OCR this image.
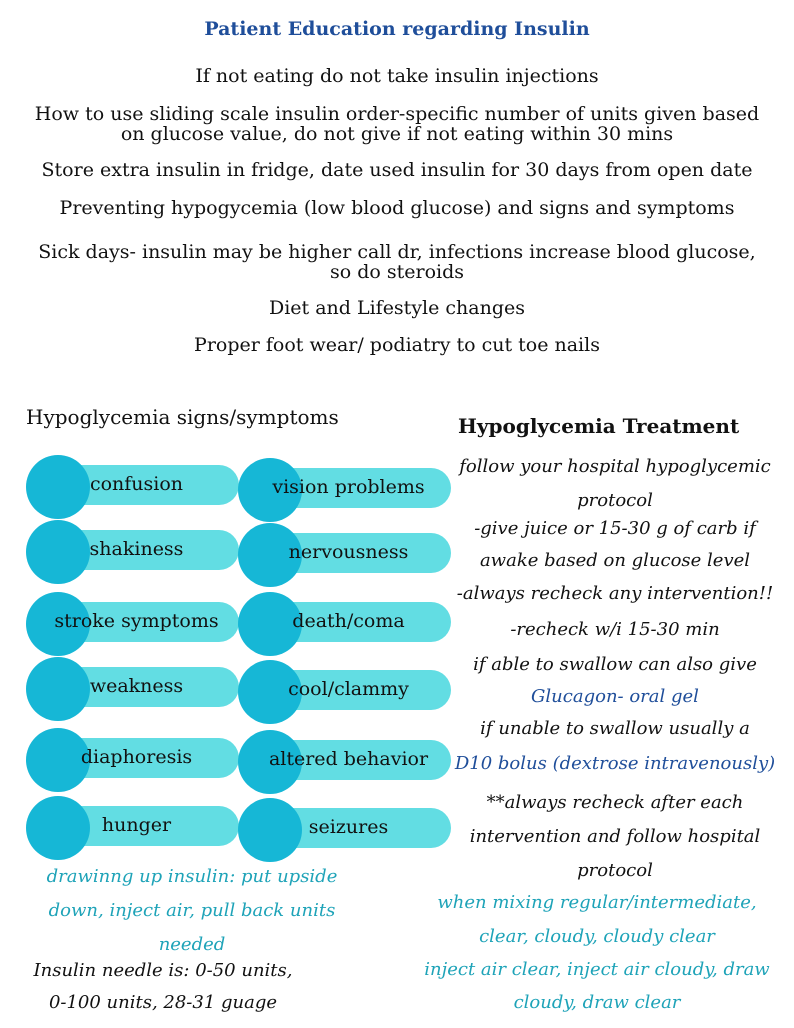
Patient Education regarding Insulin
If not eating do not take insulin injections
How to use sliding scale insulin order-specific number of units given based
on glucose value, do not give if not eating within 30 mins
Store extra insulin in fridge, date used insulin for 30 days from open date
Preventing hypogycemia (low blood glucose) and signs and symptoms
Sick days- insulin may be higher call dr, infections increase blood glucose,
so do steroids
Diet and Lifestyle changes
Proper foot wear/ podiatry to cut toe nails
Hypoglycemia signs/symptoms	Hypoglycemia Treatment
confusion
shakiness
stroke symptoms
weakness
diaphoresis
hunger
vision problems
nervousness
death/coma
cool/clammy
altered behavior
seizures
follow your hospital hypoglycemic
protocol
-give juice or 15-30 g of carb if
awake based on glucose level
-always recheck any intervention!!
-recheck w/i 15-30 min
if able to swallow can also give
Glucagon- oral gel
if unable to swallow usually a
D10 bolus (dextrose intravenously)
**always recheck after each
intervention and follow hospital
protocol
drawinng up insulin: put upside
down, inject air, pull back units
needed
Insulin needle is: 0-50 units,
0-100 units, 28-31 guage
when mixing regular/intermediate,
clear, cloudy, cloudy clear
inject air clear, inject air cloudy, draw
cloudy, draw clear
